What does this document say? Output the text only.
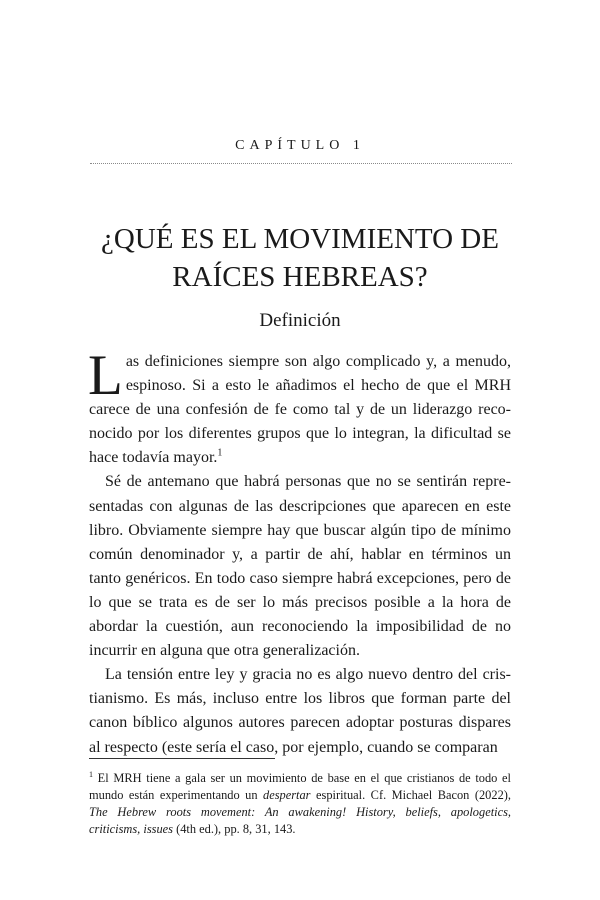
CAPÍTULO 1
¿QUÉ ES EL MOVIMIENTO DE
RAÍCES HEBREAS?
Definición

Las definiciones siempre son algo complicado y, a menudo, espinoso. Si a esto le añadimos el hecho de que el MRH carece de una confesión de fe como tal y de un liderazgo reconocido por los diferentes grupos que lo integran, la dificultad se hace todavía mayor.$^1$

Sé de antemano que habrá personas que no se sentirán representadas con algunas de las descripciones que aparecen en este libro. Obviamente siempre hay que buscar algún tipo de mínimo común denominador y, a partir de ahí, hablar en términos un tanto genéricos. En todo caso siempre habrá excepciones, pero de lo que se trata es de ser lo más precisos posible a la hora de abordar la cuestión, aun reconociendo la imposibilidad de no incurrir en alguna que otra generalización.

La tensión entre ley y gracia no es algo nuevo dentro del cristianismo. Es más, incluso entre los libros que forman parte del canon bíblico algunos autores parecen adoptar posturas dispares al respecto (este sería el caso, por ejemplo, cuando se comparan

$^1$ El MRH tiene a gala ser un movimiento de base en el que cristianos de todo el mundo están experimentando un despertar espiritual. Cf. Michael Bacon (2022), The Hebrew roots movement: An awakening! History, beliefs, apologetics, criticisms, issues (4th ed.), pp. 8, 31, 143.
